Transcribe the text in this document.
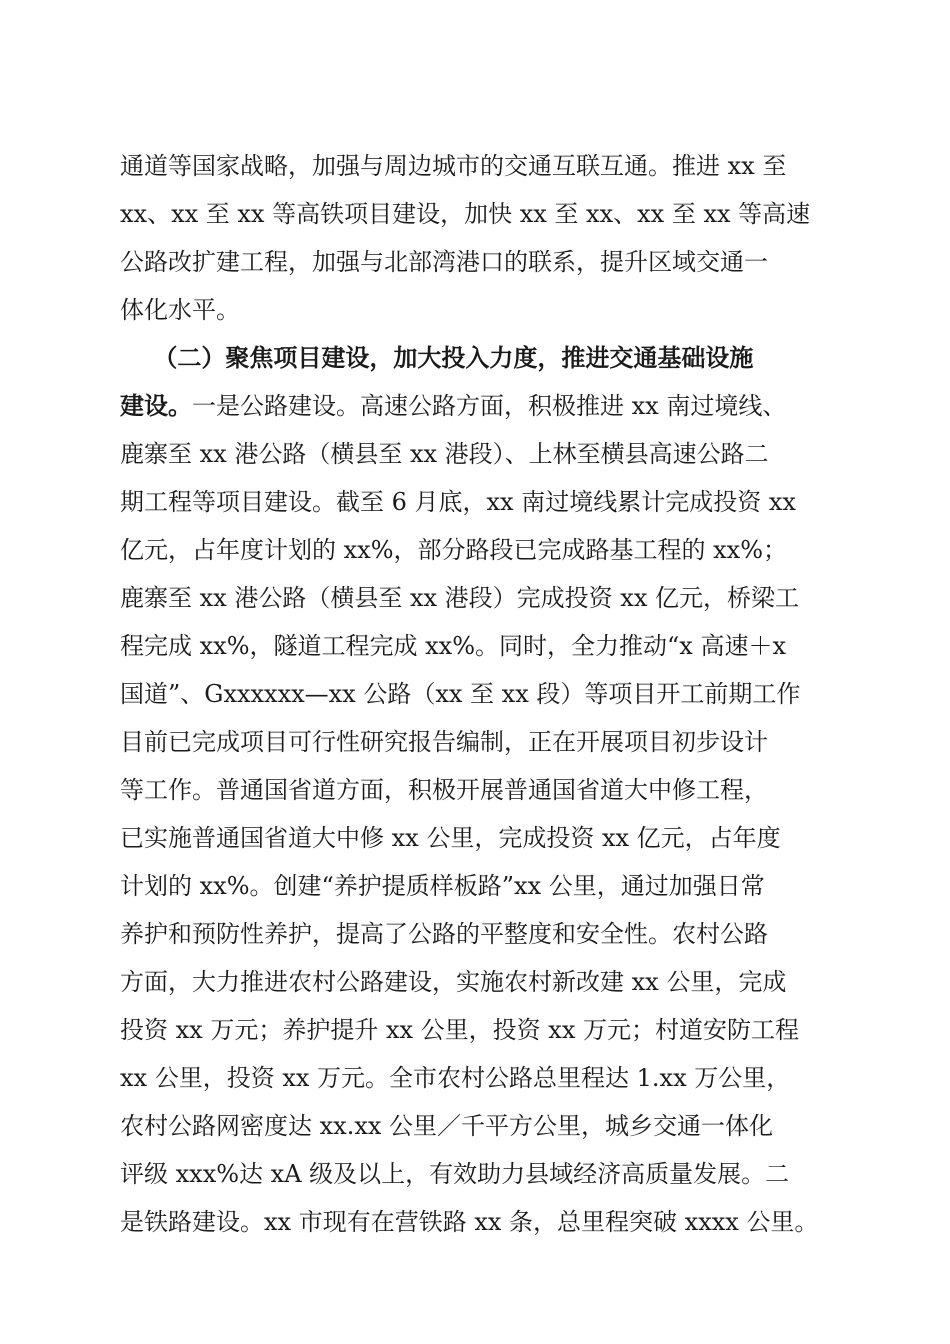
通道等国家战略，加强与周边城市的交通互联互通。推进 xx 至
xx、xx 至 xx 等高铁项目建设，加快 xx 至 xx、xx 至 xx 等高速
公路改扩建工程，加强与北部湾港口的联系，提升区域交通一
体化水平。
（二）聚焦项目建设，加大投入力度，推进交通基础设施
建设。一是公路建设。高速公路方面，积极推进 xx 南过境线、
鹿寨至 xx 港公路（横县至 xx 港段）、上林至横县高速公路二
期工程等项目建设。截至 6 月底，xx 南过境线累计完成投资 xx
亿元，占年度计划的 xx%，部分路段已完成路基工程的 xx%；
鹿寨至 xx 港公路（横县至 xx 港段）完成投资 xx 亿元，桥梁工
程完成 xx%，隧道工程完成 xx%。同时，全力推动“x 高速＋x
国道”、Gxxxxxx—xx 公路（xx 至 xx 段）等项目开工前期工作
目前已完成项目可行性研究报告编制，正在开展项目初步设计
等工作。普通国省道方面，积极开展普通国省道大中修工程，
已实施普通国省道大中修 xx 公里，完成投资 xx 亿元，占年度
计划的 xx%。创建“养护提质样板路”xx 公里，通过加强日常
养护和预防性养护，提高了公路的平整度和安全性。农村公路
方面，大力推进农村公路建设，实施农村新改建 xx 公里，完成
投资 xx 万元；养护提升 xx 公里，投资 xx 万元；村道安防工程
xx 公里，投资 xx 万元。全市农村公路总里程达 1.xx 万公里，
农村公路网密度达 xx.xx 公里／千平方公里，城乡交通一体化
评级 xxx%达 xA 级及以上，有效助力县域经济高质量发展。二
是铁路建设。xx 市现有在营铁路 xx 条，总里程突破 xxxx 公里。
